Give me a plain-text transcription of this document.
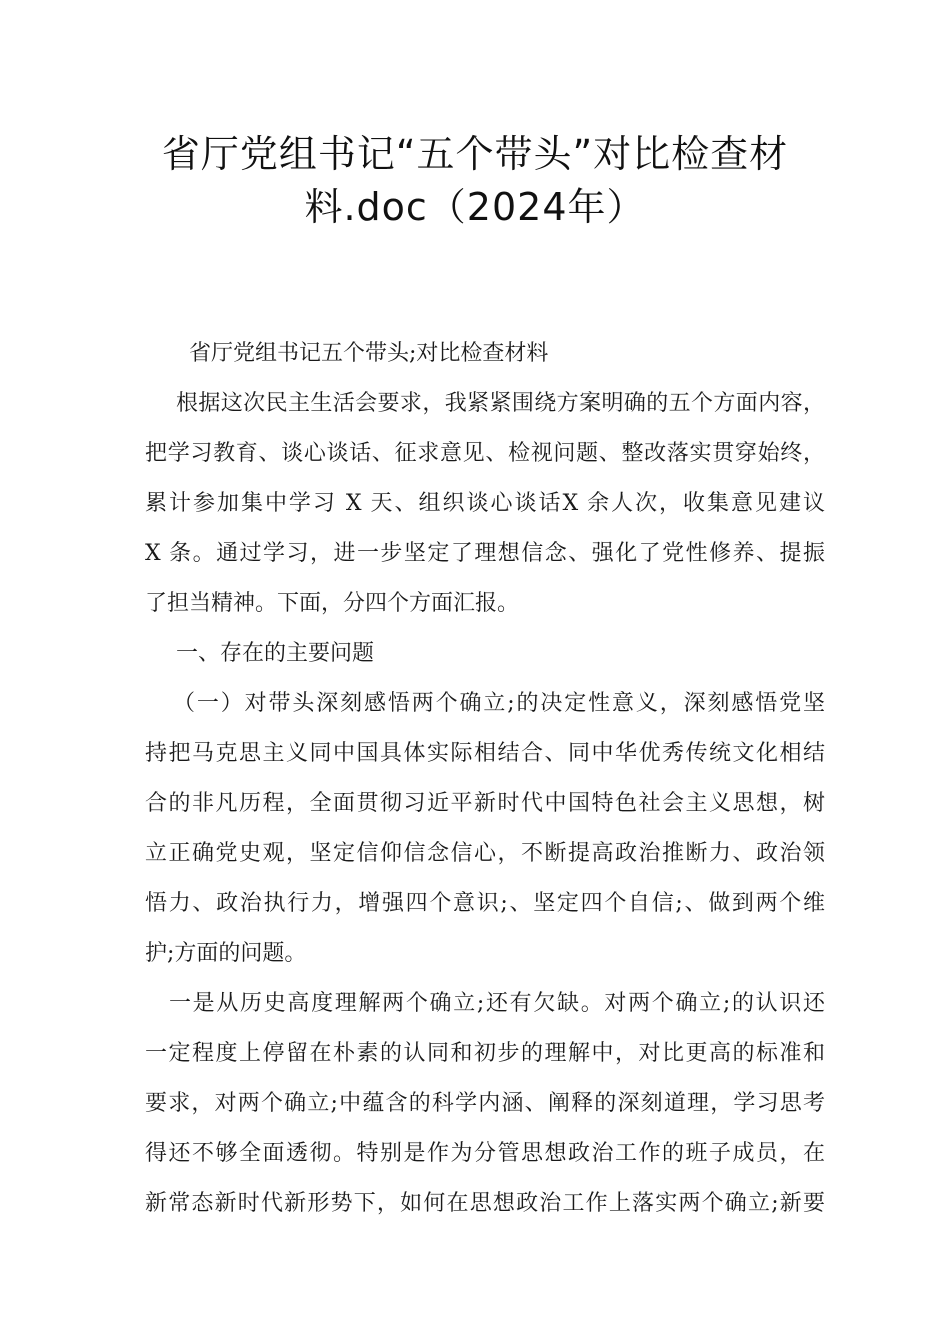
省厅党组书记“五个带头”对比检查材
料.doc（2024年）
省厅党组书记五个带头;对比检查材料
根据这次民主生活会要求，我紧紧围绕方案明确的五个方面内容，
把学习教育、谈心谈话、征求意见、检视问题、整改落实贯穿始终，
累计参加集中学习 X 天、组织谈心谈话X 余人次，收集意见建议
X 条。通过学习，进一步坚定了理想信念、强化了党性修养、提振
了担当精神。下面，分四个方面汇报。
一、存在的主要问题
（一）对带头深刻感悟两个确立;的决定性意义，深刻感悟党坚
持把马克思主义同中国具体实际相结合、同中华优秀传统文化相结
合的非凡历程，全面贯彻习近平新时代中国特色社会主义思想，树
立正确党史观，坚定信仰信念信心，不断提高政治推断力、政治领
悟力、政治执行力，增强四个意识;、坚定四个自信;、做到两个维
护;方面的问题。
一是从历史高度理解两个确立;还有欠缺。对两个确立;的认识还
一定程度上停留在朴素的认同和初步的理解中，对比更高的标准和
要求，对两个确立;中蕴含的科学内涵、阐释的深刻道理，学习思考
得还不够全面透彻。特别是作为分管思想政治工作的班子成员，在
新常态新时代新形势下，如何在思想政治工作上落实两个确立;新要
